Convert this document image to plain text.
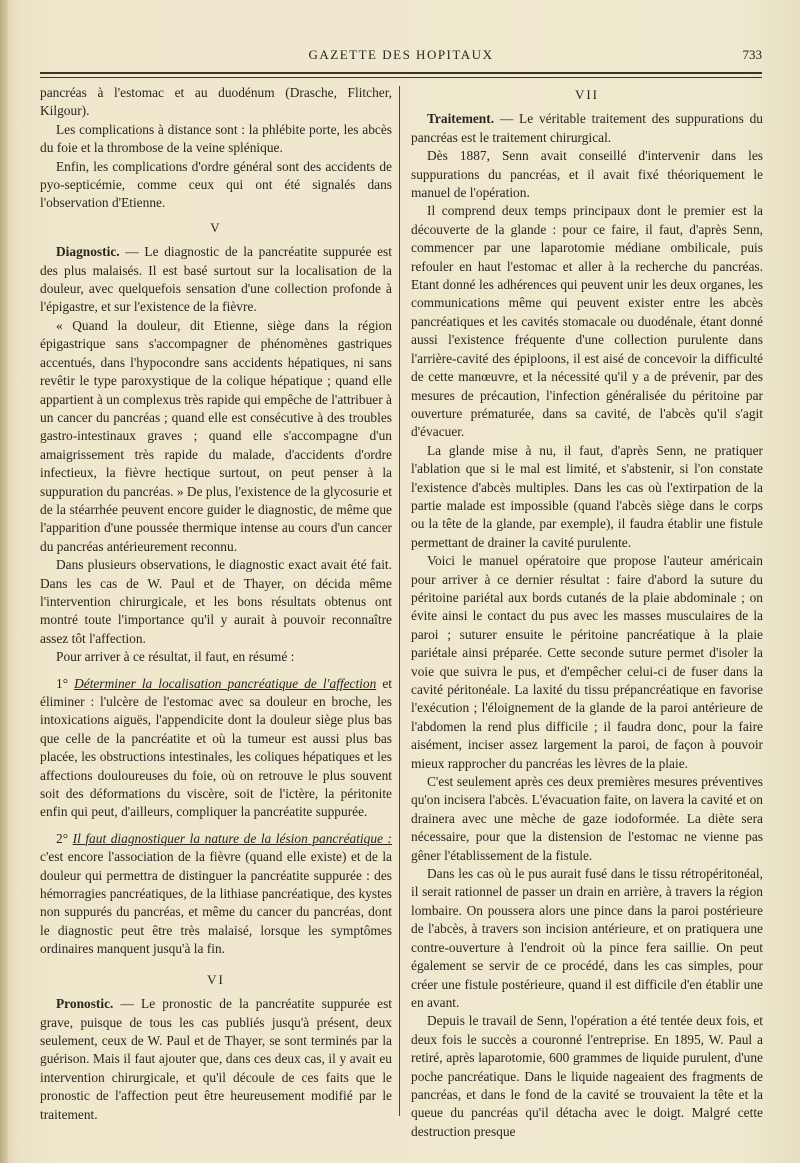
GAZETTE DES HOPITAUX	733

pancréas à l'estomac et au duodénum (Drasche, Flitcher, Kilgour).

Les complications à distance sont : la phlébite porte, les abcès du foie et la thrombose de la veine splénique.

Enfin, les complications d'ordre général sont des accidents de pyo-septicémie, comme ceux qui ont été signalés dans l'observation d'Etienne.

V

Diagnostic. — Le diagnostic de la pancréatite suppurée est des plus malaisés. Il est basé surtout sur la localisation de la douleur, avec quelquefois sensation d'une collection profonde à l'épigastre, et sur l'existence de la fièvre.

« Quand la douleur, dit Etienne, siège dans la région épigastrique sans s'accompagner de phénomènes gastriques accentués, dans l'hypocondre sans accidents hépatiques, ni sans revêtir le type paroxystique de la colique hépatique ; quand elle appartient à un complexus très rapide qui empêche de l'attribuer à un cancer du pancréas ; quand elle est consécutive à des troubles gastro-intestinaux graves ; quand elle s'accompagne d'un amaigrissement très rapide du malade, d'accidents d'ordre infectieux, la fièvre hectique surtout, on peut penser à la suppuration du pancréas. » De plus, l'existence de la glycosurie et de la stéarrhée peuvent encore guider le diagnostic, de même que l'apparition d'une poussée thermique intense au cours d'un cancer du pancréas antérieurement reconnu.

Dans plusieurs observations, le diagnostic exact avait été fait. Dans les cas de W. Paul et de Thayer, on décida même l'intervention chirurgicale, et les bons résultats obtenus ont montré toute l'importance qu'il y aurait à pouvoir reconnaître assez tôt l'affection.

Pour arriver à ce résultat, il faut, en résumé :

1° Déterminer la localisation pancréatique de l'affection et éliminer : l'ulcère de l'estomac avec sa douleur en broche, les intoxications aiguës, l'appendicite dont la douleur siège plus bas que celle de la pancréatite et où la tumeur est aussi plus bas placée, les obstructions intestinales, les coliques hépatiques et les affections douloureuses du foie, où on retrouve le plus souvent soit des déformations du viscère, soit de l'ictère, la péritonite enfin qui peut, d'ailleurs, compliquer la pancréatite suppurée.

2° Il faut diagnostiquer la nature de la lésion pancréatique : c'est encore l'association de la fièvre (quand elle existe) et de la douleur qui permettra de distinguer la pancréatite suppurée : des hémorragies pancréatiques, de la lithiase pancréatique, des kystes non suppurés du pancréas, et même du cancer du pancréas, dont le diagnostic peut être très malaisé, lorsque les symptômes ordinaires manquent jusqu'à la fin.

VI

Pronostic. — Le pronostic de la pancréatite suppurée est grave, puisque de tous les cas publiés jusqu'à présent, deux seulement, ceux de W. Paul et de Thayer, se sont terminés par la guérison. Mais il faut ajouter que, dans ces deux cas, il y avait eu intervention chirurgicale, et qu'il découle de ces faits que le pronostic de l'affection peut être heureusement modifié par le traitement.

VII

Traitement. — Le véritable traitement des suppurations du pancréas est le traitement chirurgical.

Dès 1887, Senn avait conseillé d'intervenir dans les suppurations du pancréas, et il avait fixé théoriquement le manuel de l'opération.

Il comprend deux temps principaux dont le premier est la découverte de la glande : pour ce faire, il faut, d'après Senn, commencer par une laparotomie médiane ombilicale, puis refouler en haut l'estomac et aller à la recherche du pancréas. Etant donné les adhérences qui peuvent unir les deux organes, les communications même qui peuvent exister entre les abcès pancréatiques et les cavités stomacale ou duodénale, étant donné aussi l'existence fréquente d'une collection purulente dans l'arrière-cavité des épiploons, il est aisé de concevoir la difficulté de cette manœuvre, et la nécessité qu'il y a de prévenir, par des mesures de précaution, l'infection généralisée du péritoine par ouverture prématurée, dans sa cavité, de l'abcès qu'il s'agit d'évacuer.

La glande mise à nu, il faut, d'après Senn, ne pratiquer l'ablation que si le mal est limité, et s'abstenir, si l'on constate l'existence d'abcès multiples. Dans les cas où l'extirpation de la partie malade est impossible (quand l'abcès siège dans le corps ou la tête de la glande, par exemple), il faudra établir une fistule permettant de drainer la cavité purulente.

Voici le manuel opératoire que propose l'auteur américain pour arriver à ce dernier résultat : faire d'abord la suture du péritoine pariétal aux bords cutanés de la plaie abdominale ; on évite ainsi le contact du pus avec les masses musculaires de la paroi ; suturer ensuite le péritoine pancréatique à la plaie pariétale ainsi préparée. Cette seconde suture permet d'isoler la voie que suivra le pus, et d'empêcher celui-ci de fuser dans la cavité péritonéale. La laxité du tissu prépancréatique en favorise l'exécution ; l'éloignement de la glande de la paroi antérieure de l'abdomen la rend plus difficile ; il faudra donc, pour la faire aisément, inciser assez largement la paroi, de façon à pouvoir mieux rapprocher du pancréas les lèvres de la plaie.

C'est seulement après ces deux premières mesures préventives qu'on incisera l'abcès. L'évacuation faite, on lavera la cavité et on drainera avec une mèche de gaze iodoformée. La diète sera nécessaire, pour que la distension de l'estomac ne vienne pas gêner l'établissement de la fistule.

Dans les cas où le pus aurait fusé dans le tissu rétropéritonéal, il serait rationnel de passer un drain en arrière, à travers la région lombaire. On poussera alors une pince dans la paroi postérieure de l'abcès, à travers son incision antérieure, et on pratiquera une contre-ouverture à l'endroit où la pince fera saillie. On peut également se servir de ce procédé, dans les cas simples, pour créer une fistule postérieure, quand il est difficile d'en établir une en avant.

Depuis le travail de Senn, l'opération a été tentée deux fois, et deux fois le succès a couronné l'entreprise. En 1895, W. Paul a retiré, après laparotomie, 600 grammes de liquide purulent, d'une poche pancréatique. Dans le liquide nageaient des fragments de pancréas, et dans le fond de la cavité se trouvaient la tête et la queue du pancréas qu'il détacha avec le doigt. Malgré cette destruction presque
